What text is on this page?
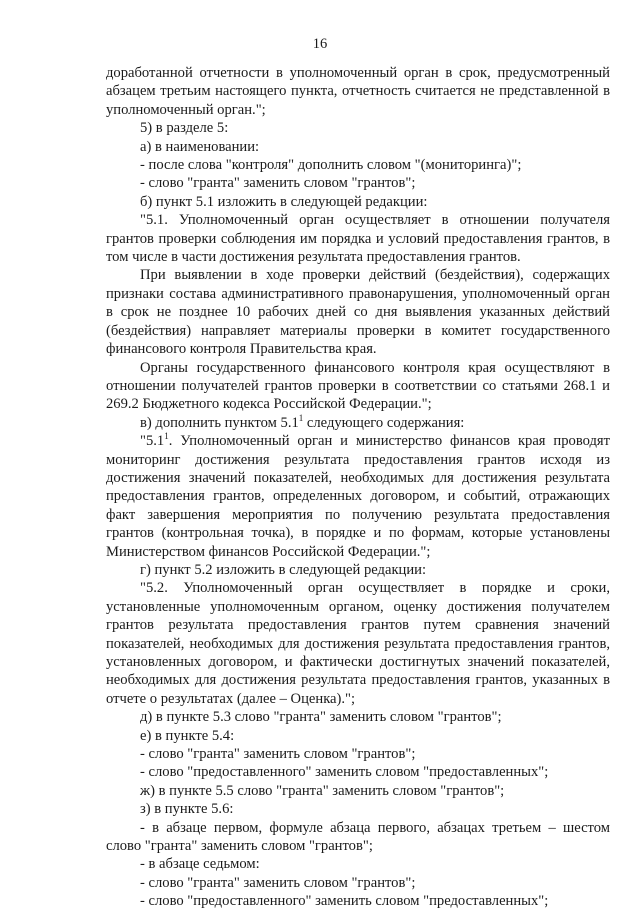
16

доработанной отчетности в уполномоченный орган в срок, предусмотренный абзацем третьим настоящего пункта, отчетность считается не представленной в уполномоченный орган.";

5) в разделе 5:

а) в наименовании:

- после слова "контроля" дополнить словом "(мониторинга)";

- слово "гранта" заменить словом "грантов";

б) пункт 5.1 изложить в следующей редакции:

"5.1. Уполномоченный орган осуществляет в отношении получателя грантов проверки соблюдения им порядка и условий предоставления грантов, в том числе в части достижения результата предоставления грантов.

При выявлении в ходе проверки действий (бездействия), содержащих признаки состава административного правонарушения, уполномоченный орган в срок не позднее 10 рабочих дней со дня выявления указанных действий (бездействия) направляет материалы проверки в комитет государственного финансового контроля Правительства края.

Органы государственного финансового контроля края осуществляют в отношении получателей грантов проверки в соответствии со статьями 268.1 и 269.2 Бюджетного кодекса Российской Федерации.";

в) дополнить пунктом $5.1^1$ следующего содержания:

"$5.1^1$. Уполномоченный орган и министерство финансов края проводят мониторинг достижения результата предоставления грантов исходя из достижения значений показателей, необходимых для достижения результата предоставления грантов, определенных договором, и событий, отражающих факт завершения мероприятия по получению результата предоставления грантов (контрольная точка), в порядке и по формам, которые установлены Министерством финансов Российской Федерации.";

г) пункт 5.2 изложить в следующей редакции:

"5.2. Уполномоченный орган осуществляет в порядке и сроки, установленные уполномоченным органом, оценку достижения получателем грантов результата предоставления грантов путем сравнения значений показателей, необходимых для достижения результата предоставления грантов, установленных договором, и фактически достигнутых значений показателей, необходимых для достижения результата предоставления грантов, указанных в отчете о результатах (далее – Оценка).";

д) в пункте 5.3 слово "гранта" заменить словом "грантов";

е) в пункте 5.4:

- слово "гранта" заменить словом "грантов";

- слово "предоставленного" заменить словом "предоставленных";

ж) в пункте 5.5 слово "гранта" заменить словом "грантов";

з) в пункте 5.6:

- в абзаце первом, формуле абзаца первого, абзацах третьем – шестом слово "гранта" заменить словом "грантов";

- в абзаце седьмом:

- слово "гранта" заменить словом "грантов";

- слово "предоставленного" заменить словом "предоставленных";
